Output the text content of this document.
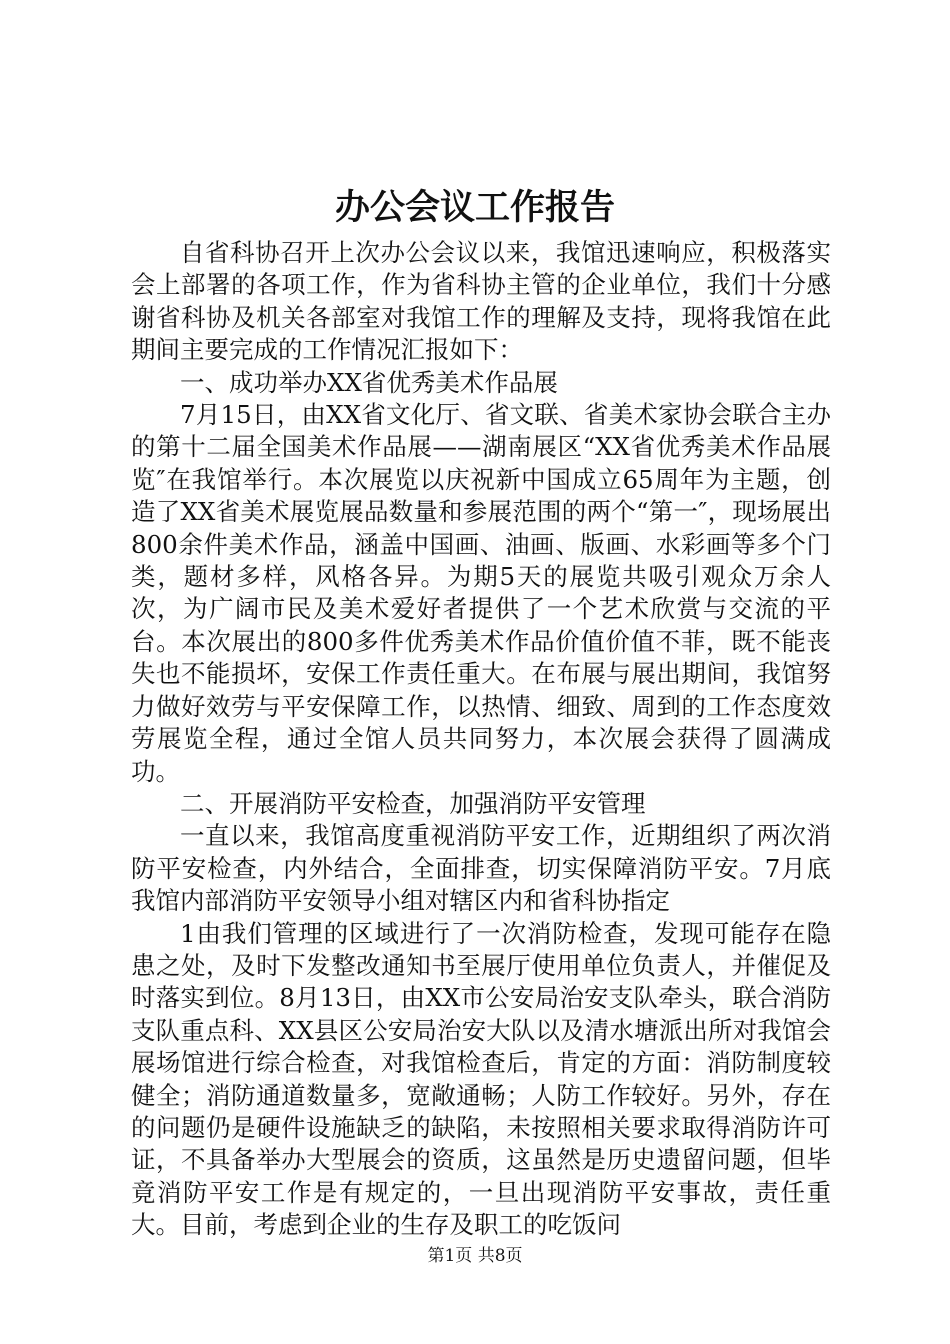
办公会议工作报告

自省科协召开上次办公会议以来，我馆迅速响应，积极落实会上部署的各项工作，作为省科协主管的企业单位，我们十分感谢省科协及机关各部室对我馆工作的理解及支持，现将我馆在此期间主要完成的工作情况汇报如下：

一、成功举办XX省优秀美术作品展

7月15日，由XX省文化厅、省文联、省美术家协会联合主办的第十二届全国美术作品展——湖南展区“XX省优秀美术作品展览″在我馆举行。本次展览以庆祝新中国成立65周年为主题，创造了XX省美术展览展品数量和参展范围的两个“第一″，现场展出800余件美术作品，涵盖中国画、油画、版画、水彩画等多个门类，题材多样，风格各异。为期5天的展览共吸引观众万余人次，为广阔市民及美术爱好者提供了一个艺术欣赏与交流的平台。本次展出的800多件优秀美术作品价值价值不菲，既不能丧失也不能损坏，安保工作责任重大。在布展与展出期间，我馆努力做好效劳与平安保障工作，以热情、细致、周到的工作态度效劳展览全程，通过全馆人员共同努力，本次展会获得了圆满成功。

二、开展消防平安检查，加强消防平安管理

一直以来，我馆高度重视消防平安工作，近期组织了两次消防平安检查，内外结合，全面排查，切实保障消防平安。7月底我馆内部消防平安领导小组对辖区内和省科协指定

1由我们管理的区域进行了一次消防检查，发现可能存在隐患之处，及时下发整改通知书至展厅使用单位负责人，并催促及时落实到位。8月13日，由XX市公安局治安支队牵头，联合消防支队重点科、XX县区公安局治安大队以及清水塘派出所对我馆会展场馆进行综合检查，对我馆检查后，肯定的方面：消防制度较健全；消防通道数量多，宽敞通畅；人防工作较好。另外，存在的问题仍是硬件设施缺乏的缺陷，未按照相关要求取得消防许可证，不具备举办大型展会的资质，这虽然是历史遗留问题，但毕竟消防平安工作是有规定的，一旦出现消防平安事故，责任重大。目前，考虑到企业的生存及职工的吃饭问

第1页 共8页
